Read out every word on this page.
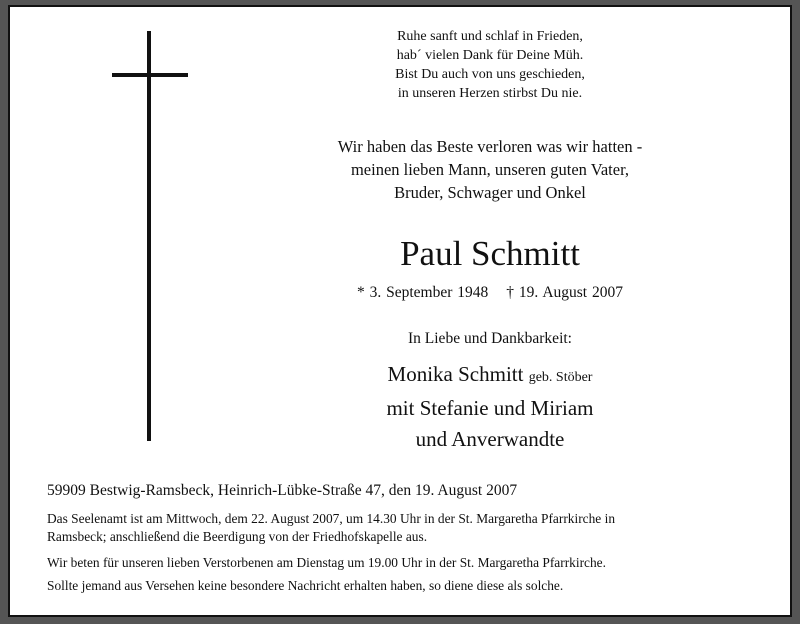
Ruhe sanft und schlaf in Frieden,
hab´ vielen Dank für Deine Müh.
Bist Du auch von uns geschieden,
in unseren Herzen stirbst Du nie.
Wir haben das Beste verloren was wir hatten -
meinen lieben Mann, unseren guten Vater,
Bruder, Schwager und Onkel
Paul Schmitt
* 3. September 1948 † 19. August 2007
In Liebe und Dankbarkeit:
Monika Schmitt geb. Stöber
mit Stefanie und Miriam
und Anverwandte
59909 Bestwig-Ramsbeck, Heinrich-Lübke-Straße 47, den 19. August 2007
Das Seelenamt ist am Mittwoch, dem 22. August 2007, um 14.30 Uhr in der St. Margaretha Pfarrkirche in
Ramsbeck; anschließend die Beerdigung von der Friedhofskapelle aus.
Wir beten für unseren lieben Verstorbenen am Dienstag um 19.00 Uhr in der St. Margaretha Pfarrkirche.
Sollte jemand aus Versehen keine besondere Nachricht erhalten haben, so diene diese als solche.
